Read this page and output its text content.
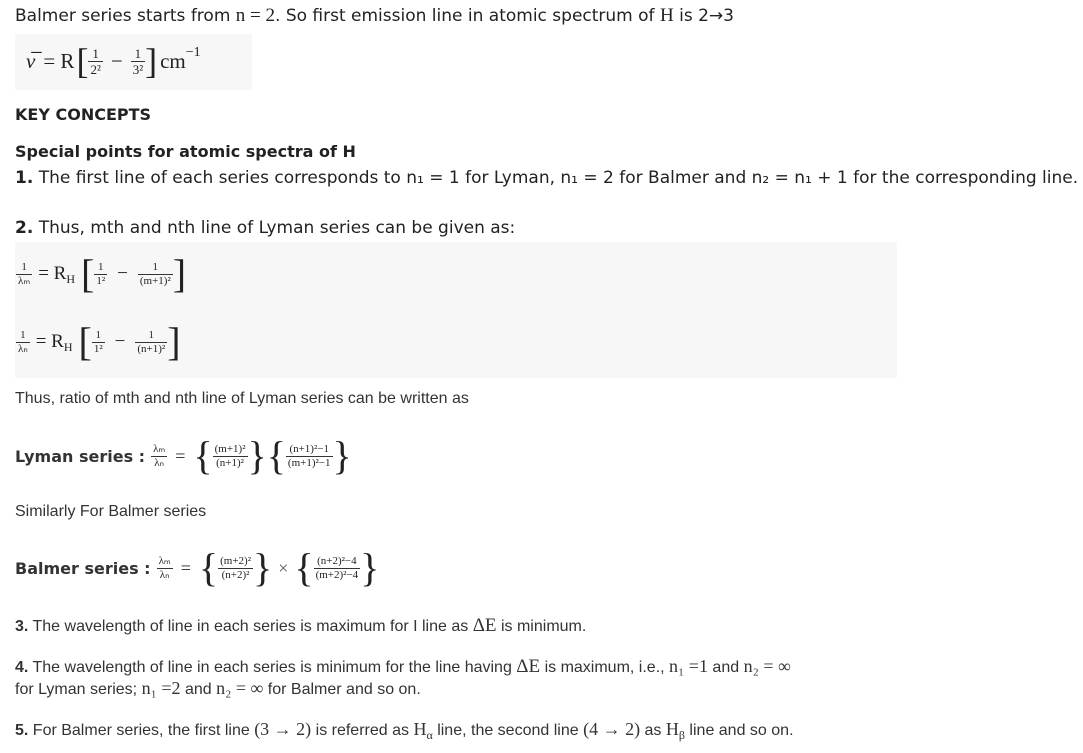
Balmer series starts from n = 2. So first emission line in atomic spectrum of H is 2→3
ν̅ = R [ $\frac{1}{\text{2²}} - \frac{1}{\text{3²}}$ ] $cm^{-1}$
KEY CONCEPTS
Special points for atomic spectra of H
1. The first line of each series corresponds to n₁ = 1 for Lyman, n₁ = 2 for Balmer and n₂ = n₁ + 1 for the corresponding line.
2. Thus, mth and nth line of Lyman series can be given as:
$\frac{1}{\text{λₘ}} = R_H$ [ $\frac{1}{\text{1²}} - \frac{1}{\text{(m+1)²}}$ ]
$\frac{1}{\text{λₙ}} = R_H$ [ $\frac{1}{\text{1²}} - \frac{1}{\text{(n+1)²}}$ ]
Thus, ratio of mth and nth line of Lyman series can be written as
Lyman series : $\frac{\text{λₘ}}{\text{λₙ}}$ = { $\frac{\text{(m+1)²}}{\text{(n+1)²}}$ } { $\frac{\text{(n+1)²−1}}{\text{(m+1)²−1}}$ }
Similarly For Balmer series
Balmer series : $\frac{\text{λₘ}}{\text{λₙ}}$ = { $\frac{\text{(m+2)²}}{\text{(n+2)²}}$ } × { $\frac{\text{(n+2)²−4}}{\text{(m+2)²−4}}$ }
3. The wavelength of line in each series is maximum for I line as ΔE is minimum.
4. The wavelength of line in each series is minimum for the line having ΔE is maximum, i.e., n₁ =1 and n₂ = ∞
for Lyman series; n₁ =2 and n₂ = ∞ for Balmer and so on.
5. For Balmer series, the first line (3 → 2) is referred as $H_\alpha$ line, the second line (4 → 2) as $H_\beta$ line and so on.
